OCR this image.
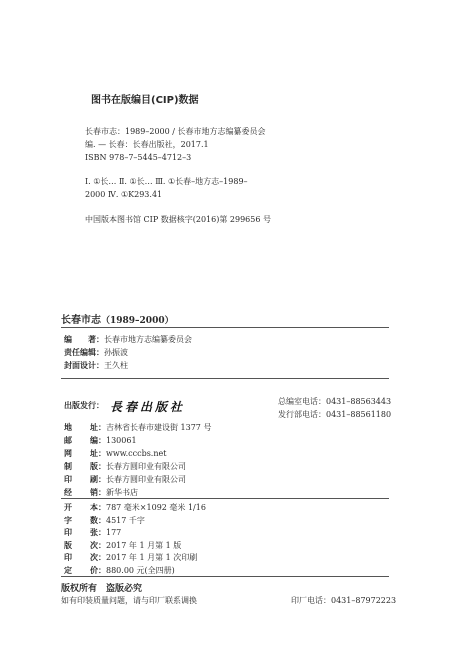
图书在版编目(CIP)数据
长春市志：1989–2000 / 长春市地方志编纂委员会
编. — 长春：长春出版社，2017.1
ISBN 978–7–5445–4712–3
Ⅰ. ①长… Ⅱ. ①长… Ⅲ. ①长春–地方志–1989–
2000 Ⅳ. ①K293.41
中国版本图书馆 CIP 数据核字(2016)第 299656 号
长春市志（1989–2000）
编　　著：长春市地方志编纂委员会
责任编辑：孙振波
封面设计：王久柱
出版发行： 長春出版社	总编室电话：0431–88563443
发行部电话：0431–88561180
地 址：吉林省长春市建设街 1377 号
邮 编：130061
网 址：www.cccbs.net
制 版：长春方圆印业有限公司
印 刷：长春方圆印业有限公司
经 销：新华书店
开 本：787 毫米×1092 毫米 1/16
字 数：4517 千字
印 张：177
版 次：2017 年 1 月第 1 版
印 次：2017 年 1 月第 1 次印刷
定 价：880.00 元(全四册)
版权所有　盗版必究
如有印装质量问题，请与印厂联系调换	印厂电话：0431–87972223
